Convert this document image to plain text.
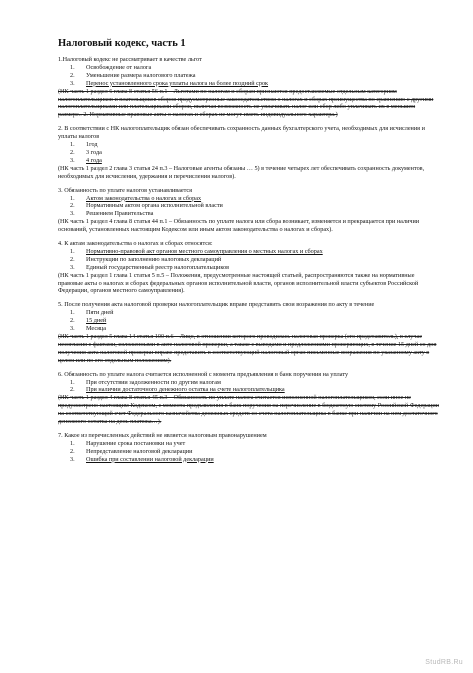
Налоговый кодекс, часть 1
1.Налоговый кодекс не рассматривает в качестве льгот
1.	Освобождение от налога
2.	Уменьшение размера налогового платежа
3.	Перенос установленного срока уплаты налога на более поздний срок
(НК часть 1 раздел 6 глава 8 статья 56 п.1 – Льготами по налогам и сборам признаются предоставляемые отдельным категориям налогоплательщиков и плательщиков сборов предусмотренные законодательством о налогах и сборах преимущества по сравнению с другими налогоплательщиками или плательщиками сборов, включая возможность не уплачивать налог или сбор либо уплачивать их в меньшем размере.. 2. Нормативные правовые акты о налогах и сборах не могут иметь индивидуального характера.)
2. В соответствии с НК налогоплательщик обязан обеспечивать сохранность данных бухгалтерского учета, необходимых для исчисления и уплаты налогов
1.	1год
2.	3 года
3.	4 года
(НК часть 1 раздел 2 глава 3 статья 24 п.3 – Налоговые агенты обязаны … 5) в течение четырех лет обеспечивать сохранность документов, необходимых для исчисления, удержания и перечисления налогов).
3. Обязанность по уплате налогов устанавливается
1.	Актом законодательства о налогах и сборах
2.	Нормативным актом органа исполнительной власти
3.	Решением Правительства
(НК часть 1 раздел 4 глава 8 статья 44 п.1 – Обязанность по уплате налога или сбора возникает, изменяется и прекращается при наличии оснований, установленных настоящим Кодексом или иным актом законодательства о налогах и сборах).
4. К актам законодательства о налогах и сборах относятся:
1.	Нормативно-правовой акт органов местного самоуправления о местных налогах и сборах
2.	Инструкции по заполнению налоговых деклараций
3.	Единый государственный реестр налогоплательщиков
(НК часть 1 раздел 1 глава 1 статья 5 п.5 – Положения, предусмотренные настоящей статьей, распространяются также на нормативные правовые акты о налогах и сборах федеральных органов исполнительной власти, органов исполнительной власти субъектов Российской Федерации, органов местного самоуправления).
5. После получения акта налоговой проверки налогоплательщик вправе представить свои возражения по акту в течение
1.	Пяти дней
2.	15 дней
3.	Месяца
(НК часть 1 раздел 5 глава 14 статья 100 п.6 – Лицо, в отношении которого проводилась налоговая проверка (его представитель), в случае несогласия с фактами, изложенными в акте налоговой проверки, а также с выводами и предложениями проверяющих, в течение 15 дней со дня получения акта налоговой проверки вправе представить в соответствующий налоговый орган письменные возражения по указанному акту в целом или по его отдельным положениям).
6. Обязанность по уплате налога считается исполненной с момента предъявления в банк поручения на уплату
1.	При отсутствии задолженности по другим налогам
2.	При наличии достаточного денежного остатка на счете налогоплательщика
(НК часть 1 раздел 4 глава 8 статья 45 п.3 – Обязанность по уплате налога считается исполненной налогоплательщиком, если иное не предусмотрено настоящим Кодексом, с момента предъявления в банк поручения на перечисление в бюджетную систему Российской Федерации на соответствующий счет Федерального казначейства денежных средств со счета налогоплательщика в банке при наличии на нем достаточного денежного остатка на день платежа…).
7. Какое из перечисленных действий не является налоговым правонарушением
1.	Нарушение срока постановки на учет
2.	Непредставление налоговой декларации
3.	Ошибка при составлении налоговой декларации
StudRB.Ru
